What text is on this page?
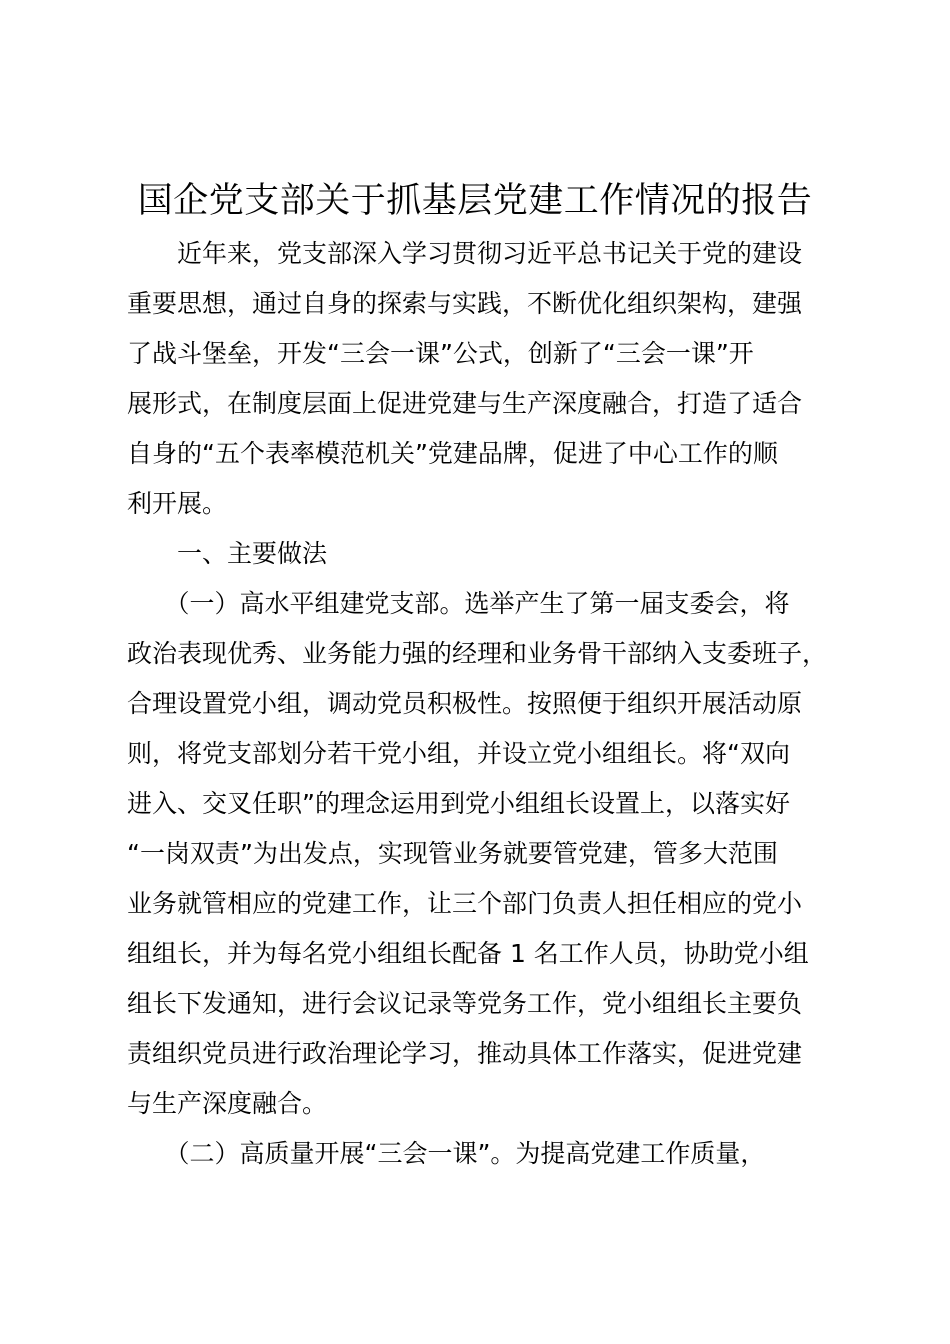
国企党支部关于抓基层党建工作情况的报告
　　近年来，党支部深入学习贯彻习近平总书记关于党的建设
重要思想，通过自身的探索与实践，不断优化组织架构，建强
了战斗堡垒，开发“三会一课”公式，创新了“三会一课”开
展形式，在制度层面上促进党建与生产深度融合，打造了适合
自身的“五个表率模范机关”党建品牌，促进了中心工作的顺
利开展。
　　一、主要做法
　　（一）高水平组建党支部。选举产生了第一届支委会，将
政治表现优秀、业务能力强的经理和业务骨干部纳入支委班子，
合理设置党小组，调动党员积极性。按照便于组织开展活动原
则，将党支部划分若干党小组，并设立党小组组长。将“双向
进入、交叉任职”的理念运用到党小组组长设置上，以落实好
“一岗双责”为出发点，实现管业务就要管党建，管多大范围
业务就管相应的党建工作，让三个部门负责人担任相应的党小
组组长，并为每名党小组组长配备 1 名工作人员，协助党小组
组长下发通知，进行会议记录等党务工作，党小组组长主要负
责组织党员进行政治理论学习，推动具体工作落实，促进党建
与生产深度融合。
　　（二）高质量开展“三会一课”。为提高党建工作质量，
